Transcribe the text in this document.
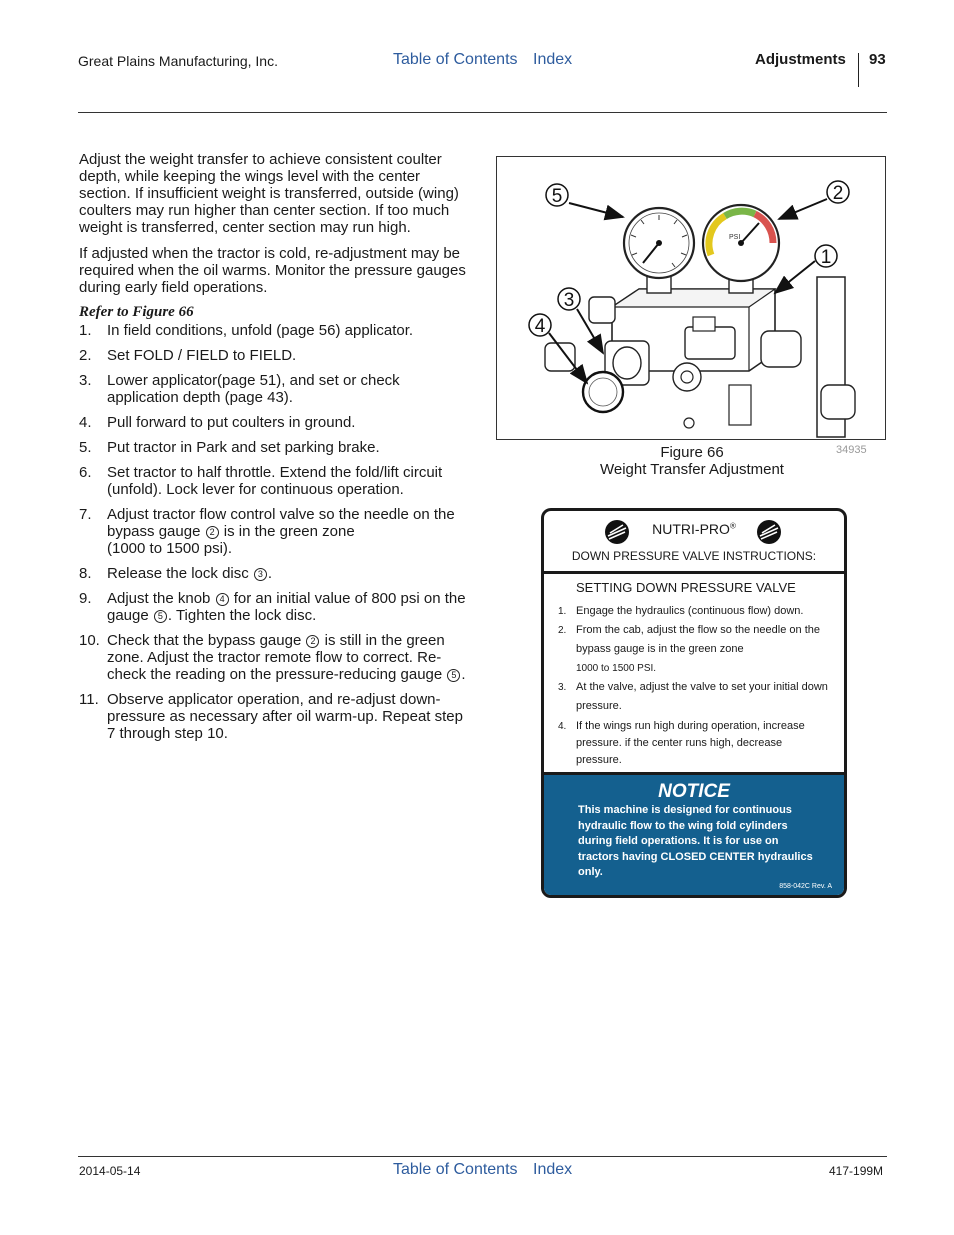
Great Plains Manufacturing, Inc.	Table of Contents Index	Adjustments 93
Adjust the weight transfer to achieve consistent coulter depth, while keeping the wings level with the center section. If insufficient weight is transferred, outside (wing) coulters may run higher than center section. If too much weight is transferred, center section may run high.
If adjusted when the tractor is cold, re-adjustment may be required when the oil warms. Monitor the pressure gauges during early field operations.
Refer to Figure 66
1. In field conditions, unfold (page 56) applicator.
2. Set FOLD / FIELD to FIELD.
3. Lower applicator(page 51), and set or check application depth (page 43).
4. Pull forward to put coulters in ground.
5. Put tractor in Park and set parking brake.
6. Set tractor to half throttle. Extend the fold/lift circuit (unfold). Lock lever for continuous operation.
7. Adjust tractor flow control valve so the needle on the bypass gauge 2 is in the green zone
(1000 to 1500 psi).
8. Release the lock disc 3 .
9. Adjust the knob 4 for an initial value of 800 psi on the gauge 5 . Tighten the lock disc.
10. Check that the bypass gauge 2 is still in the green zone. Adjust the tractor remote flow to correct. Re-check the reading on the pressure-reducing gauge 5 .
11. Observe applicator operation, and re-adjust down-pressure as necessary after oil warm-up. Repeat step 7 through step 10.
PSI
5	2
1
3
4
Figure 66
Weight Transfer Adjustment
34935
NUTRI-PRO®
DOWN PRESSURE VALVE INSTRUCTIONS:
SETTING DOWN PRESSURE VALVE
1. Engage the hydraulics (continuous flow) down.
2. From the cab, adjust the flow so the needle on the bypass gauge is in the green zone
1000 to 1500 PSI.
3. At the valve, adjust the valve to set your initial down pressure.
4. If the wings run high during operation, increase pressure. if the center runs high, decrease pressure.
NOTICE
This machine is designed for continuous hydraulic flow to the wing fold cylinders during field operations. It is for use on tractors having CLOSED CENTER hydraulics only.
858-042C Rev. A
2014-05-14	Table of Contents Index	417-199M
